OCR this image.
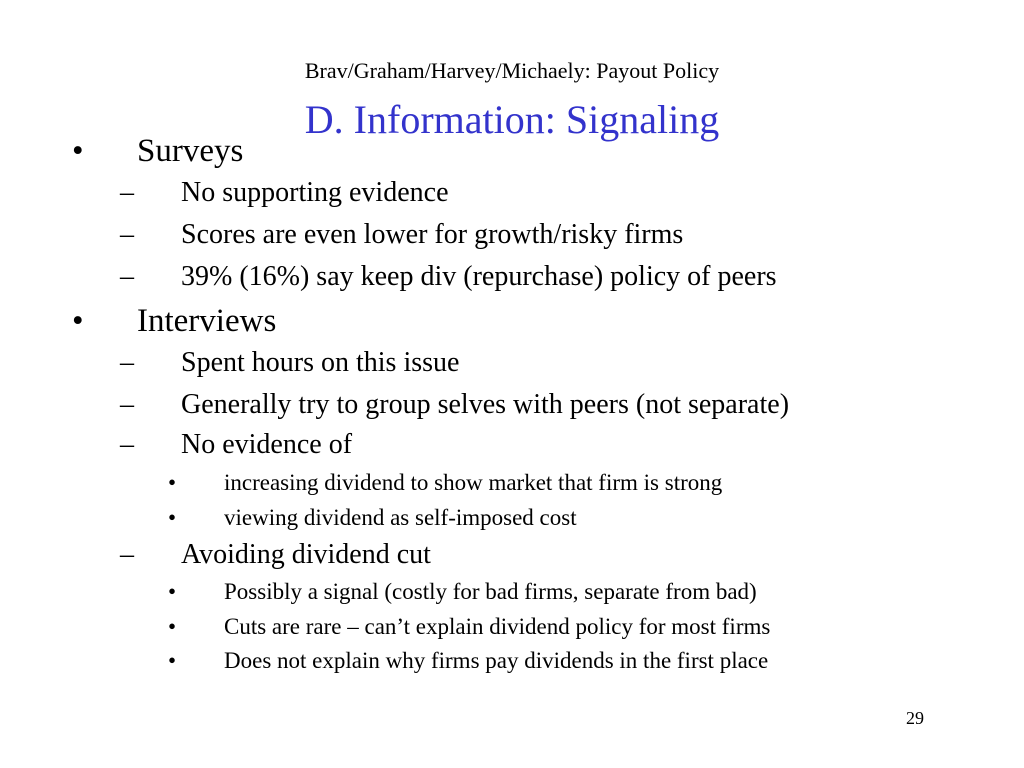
Brav/Graham/Harvey/Michaely: Payout Policy
D. Information: Signaling
• Surveys
– No supporting evidence
– Scores are even lower for growth/risky firms
– 39% (16%) say keep div (repurchase) policy of peers
• Interviews
– Spent hours on this issue
– Generally try to group selves with peers (not separate)
– No evidence of
• increasing dividend to show market that firm is strong
• viewing dividend as self-imposed cost
– Avoiding dividend cut
• Possibly a signal (costly for bad firms, separate from bad)
• Cuts are rare – can’t explain dividend policy for most firms
• Does not explain why firms pay dividends in the first place
29
